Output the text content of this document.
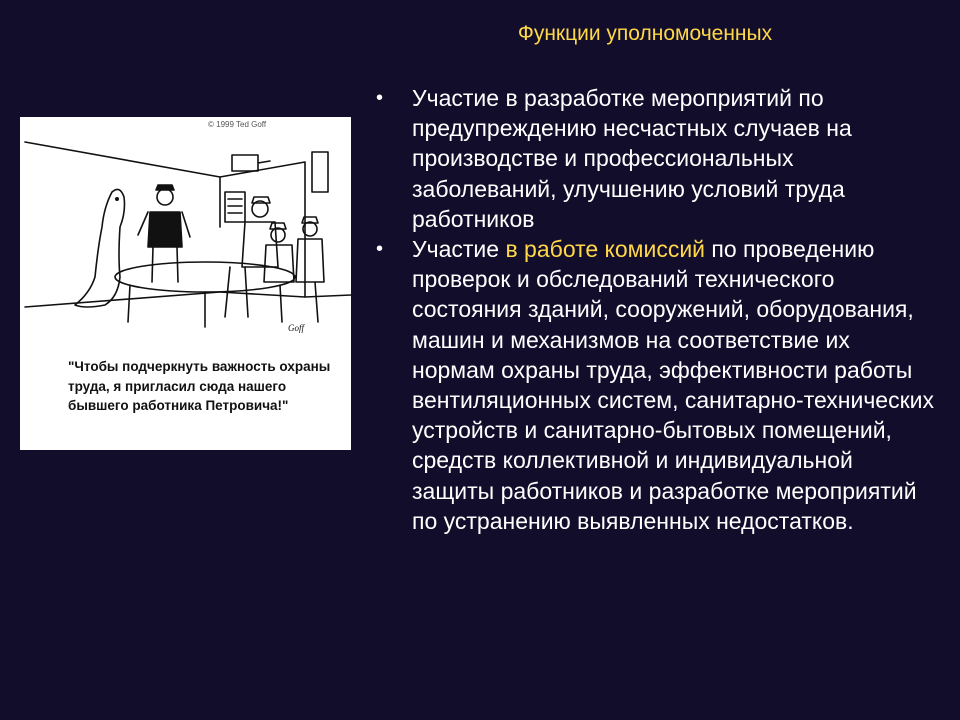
Функции уполномоченных
© 1999 Ted Goff
Goff
"Чтобы подчеркнуть важность охраны труда, я пригласил сюда нашего бывшего работника Петровича!"
• Участие в разработке мероприятий по предупреждению несчастных случаев на производстве и профессиональных заболеваний, улучшению условий труда работников
• Участие в работе комиссий по проведению проверок и обследований технического состояния зданий, сооружений, оборудования, машин и механизмов на соответствие их нормам охраны труда, эффективности работы вентиляционных систем, санитарно-технических устройств и санитарно-бытовых помещений, средств коллективной и индивидуальной защиты работников и разработке мероприятий по устранению выявленных недостатков.
